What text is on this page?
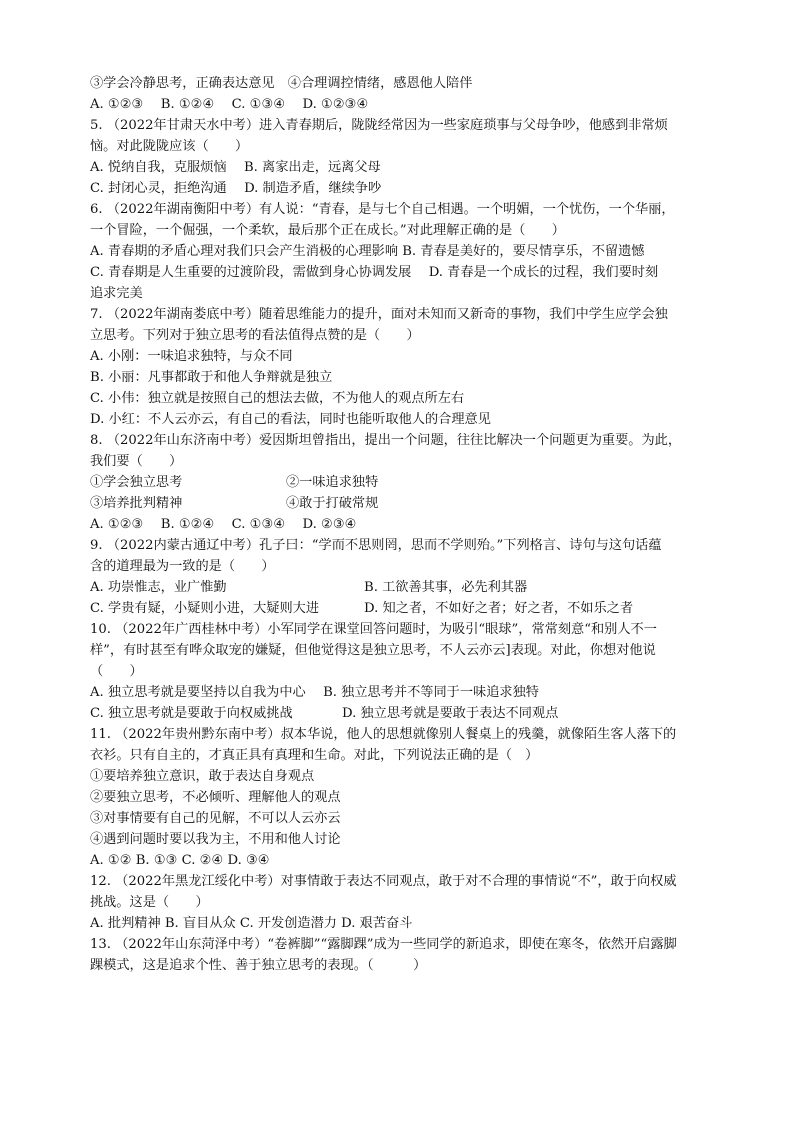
③学会冷静思考，正确表达意见　④合理调控情绪，感恩他人陪伴
A. ①②③　 B. ①②④　 C. ①③④　 D. ①②③④
5. （2022年甘肃天水中考）进入青春期后，陇陇经常因为一些家庭琐事与父母争吵，他感到非常烦
恼。对此陇陇应该（　　）
A. 悦纳自我，克服烦恼　 B. 离家出走，远离父母
C. 封闭心灵，拒绝沟通　 D. 制造矛盾，继续争吵
6. （2022年湖南衡阳中考）有人说：“青春，是与七个自己相遇。一个明媚，一个忧伤，一个华丽，
一个冒险，一个倔强，一个柔软，最后那个正在成长。”对此理解正确的是（　　）
A. 青春期的矛盾心理对我们只会产生消极的心理影响 B. 青春是美好的，要尽情享乐，不留遗憾
C. 青春期是人生重要的过渡阶段，需做到身心协调发展　 D. 青春是一个成长的过程，我们要时刻
追求完美
7. （2022年湖南娄底中考）随着思维能力的提升，面对未知而又新奇的事物，我们中学生应学会独
立思考。下列对于独立思考的看法值得点赞的是（　　）
A. 小刚：一味追求独特，与众不同
B. 小丽：凡事都敢于和他人争辩就是独立
C. 小伟：独立就是按照自己的想法去做，不为他人的观点所左右
D. 小红：不人云亦云，有自己的看法，同时也能听取他人的合理意见
8. （2022年山东济南中考）爱因斯坦曾指出，提出一个问题，往往比解决一个问题更为重要。为此，
我们要（　　）
①学会独立思考	②一味追求独特
③培养批判精神	④敢于打破常规
A. ①②③　 B. ①②④　 C. ①③④　 D. ②③④
9. （2022内蒙古通辽中考）孔子曰：“学而不思则罔，思而不学则殆。”下列格言、诗句与这句话蕴
含的道理最为一致的是（　　）
A. 功崇惟志，业广惟勤	B. 工欲善其事，必先利其器
C. 学贵有疑，小疑则小进，大疑则大进	D. 知之者，不如好之者；好之者，不如乐之者
10. （2022年广西桂林中考）小军同学在课堂回答问题时，为吸引“眼球”，常常刻意“和别人不一
样”，有时甚至有哗众取宠的嫌疑，但他觉得这是独立思考，不人云亦云]表现。对此，你想对他说
（　　）
A. 独立思考就是要坚持以自我为中心　 B. 独立思考并不等同于一味追求独特
C. 独立思考就是要敢于向权威挑战	D. 独立思考就是要敢于表达不同观点
11. （2022年贵州黔东南中考）叔本华说，他人的思想就像别人餐桌上的残羹，就像陌生客人落下的
衣衫。只有自主的，才真正具有真理和生命。对此，下列说法正确的是（　）
①要培养独立意识，敢于表达自身观点
②要独立思考，不必倾听、理解他人的观点
③对事情要有自己的见解，不可以人云亦云
④遇到问题时要以我为主，不用和他人讨论
A. ①② B. ①③ C. ②④ D. ③④
12. （2022年黑龙江绥化中考）对事情敢于表达不同观点，敢于对不合理的事情说“不”，敢于向权威
挑战。这是（　　）
A. 批判精神 B. 盲目从众 C. 开发创造潜力 D. 艰苦奋斗
13. （2022年山东菏泽中考）“卷裤脚”“露脚踝”成为一些同学的新追求，即使在寒冬，依然开启露脚
踝模式，这是追求个性、善于独立思考的表现。（　　　）
